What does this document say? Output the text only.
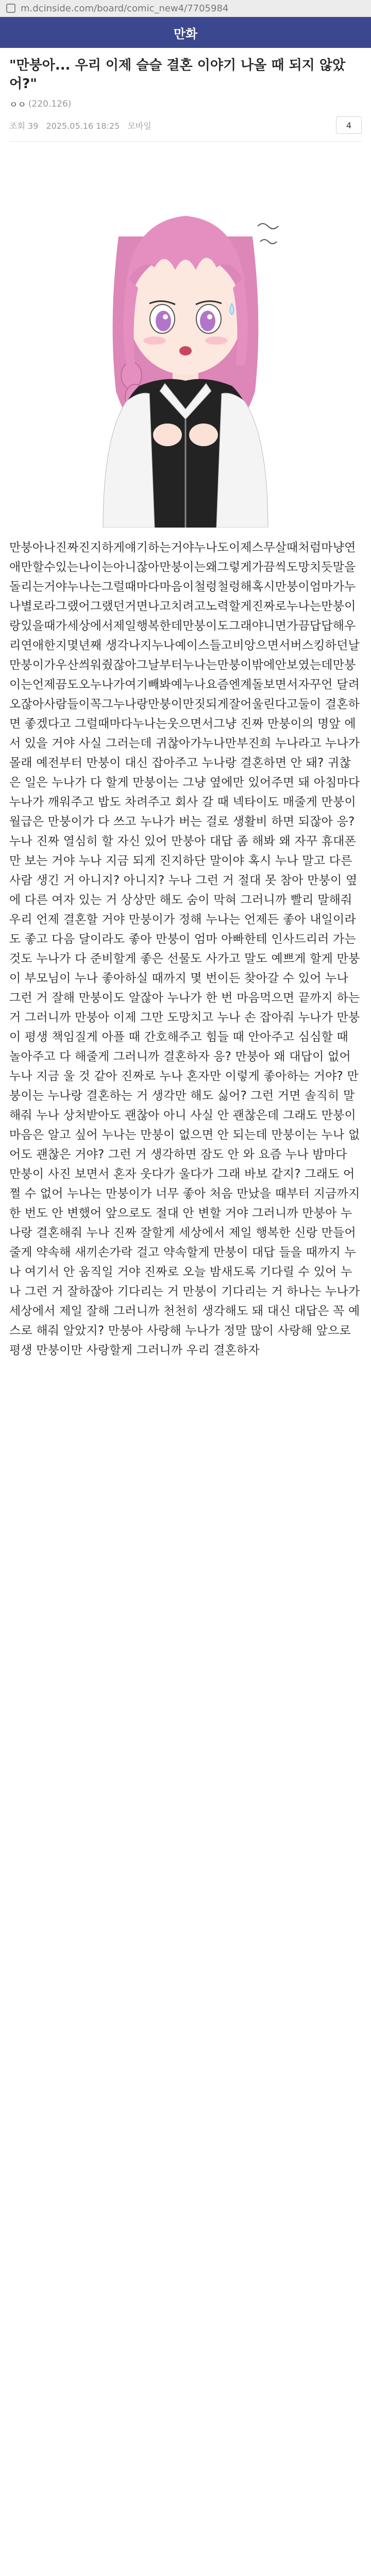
m.dcinside.com/board/comic_new4/7705984
만화
"만붕아... 우리 이제 슬슬 결혼 이야기 나올 때 되지 않았어?"
ㅇㅇ (220.126)
조회 39 2025.05.16 18:25 모바일	4
만붕아나진짜진지하게얘기하는거야누나도이제스무살때처럼마냥연애만할수있는나이는아니잖아만붕이는왜그렇게가끔씩도망치듯말을돌리는거야누나는그럴때마다마음이철렁철렁해혹시만붕이엄마가누나별로라그랬어그랬던거면나고치려고노력할게진짜로누나는만붕이랑있을때가세상에서제일행복한데만붕이도그래야니면가끔답답해우리연애한지몇년째 생각나지누나예이스들고비앙으면서버스킹하던날만붕이가우산씌워줬잖아그날부터누나는만붕이밖에안보였는데만붕이는언제끔도오누나가여기빼봐예누나요즘엔계돌보면서자꾸언 달려오잖아사람들이꼭그누나랑만붕이만짓되게잘어울린다고둘이 결혼하면 좋겠다고 그럴때마다누나는웃으면서그냥 진짜 만붕이의 명앞 에 서 있을 거야 사실 그러는데 귀찮아가누나만부진희 누나라고 누나가 몰래 예전부터 만붕이 대신 잡아주고 누나랑 결혼하면 안 돼? 귀찮은 일은 누나가 다 할게 만붕이는 그냥 옆에만 있어주면 돼 아침마다 누나가 깨워주고 밥도 차려주고 회사 갈 때 넥타이도 매줄게 만붕이 월급은 만붕이가 다 쓰고 누나가 버는 걸로 생활비 하면 되잖아 응? 누나 진짜 열심히 할 자신 있어 만붕아 대답 좀 해봐 왜 자꾸 휴대폰만 보는 거야 누나 지금 되게 진지하단 말이야 혹시 누나 말고 다른 사람 생긴 거 아니지? 아니지? 누나 그런 거 절대 못 참아 만붕이 옆에 다른 여자 있는 거 상상만 해도 숨이 막혀 그러니까 빨리 말해줘 우리 언제 결혼할 거야 만붕이가 정해 누나는 언제든 좋아 내일이라도 좋고 다음 달이라도 좋아 만붕이 엄마 아빠한테 인사드리러 가는 것도 누나가 다 준비할게 좋은 선물도 사가고 말도 예쁘게 할게 만붕이 부모님이 누나 좋아하실 때까지 몇 번이든 찾아갈 수 있어 누나 그런 거 잘해 만붕이도 알잖아 누나가 한 번 마음먹으면 끝까지 하는 거 그러니까 만붕아 이제 그만 도망치고 누나 손 잡아줘 누나가 만붕이 평생 책임질게 아플 때 간호해주고 힘들 때 안아주고 심심할 때 놀아주고 다 해줄게 그러니까 결혼하자 응? 만붕아 왜 대답이 없어 누나 지금 울 것 같아 진짜로 누나 혼자만 이렇게 좋아하는 거야? 만붕이는 누나랑 결혼하는 거 생각만 해도 싫어? 그런 거면 솔직히 말해줘 누나 상처받아도 괜찮아 아니 사실 안 괜찮은데 그래도 만붕이 마음은 알고 싶어 누나는 만붕이 없으면 안 되는데 만붕이는 누나 없어도 괜찮은 거야? 그런 거 생각하면 잠도 안 와 요즘 누나 밤마다 만붕이 사진 보면서 혼자 웃다가 울다가 그래 바보 같지? 그래도 어쩔 수 없어 누나는 만붕이가 너무 좋아 처음 만났을 때부터 지금까지 한 번도 안 변했어 앞으로도 절대 안 변할 거야 그러니까 만붕아 누나랑 결혼해줘 누나 진짜 잘할게 세상에서 제일 행복한 신랑 만들어줄게 약속해 새끼손가락 걸고 약속할게 만붕이 대답 들을 때까지 누나 여기서 안 움직일 거야 진짜로 오늘 밤새도록 기다릴 수 있어 누나 그런 거 잘하잖아 기다리는 거 만붕이 기다리는 거 하나는 누나가 세상에서 제일 잘해 그러니까 천천히 생각해도 돼 대신 대답은 꼭 예스로 해줘 알았지? 만붕아 사랑해 누나가 정말 많이 사랑해 앞으로 평생 만붕이만 사랑할게 그러니까 우리 결혼하자
